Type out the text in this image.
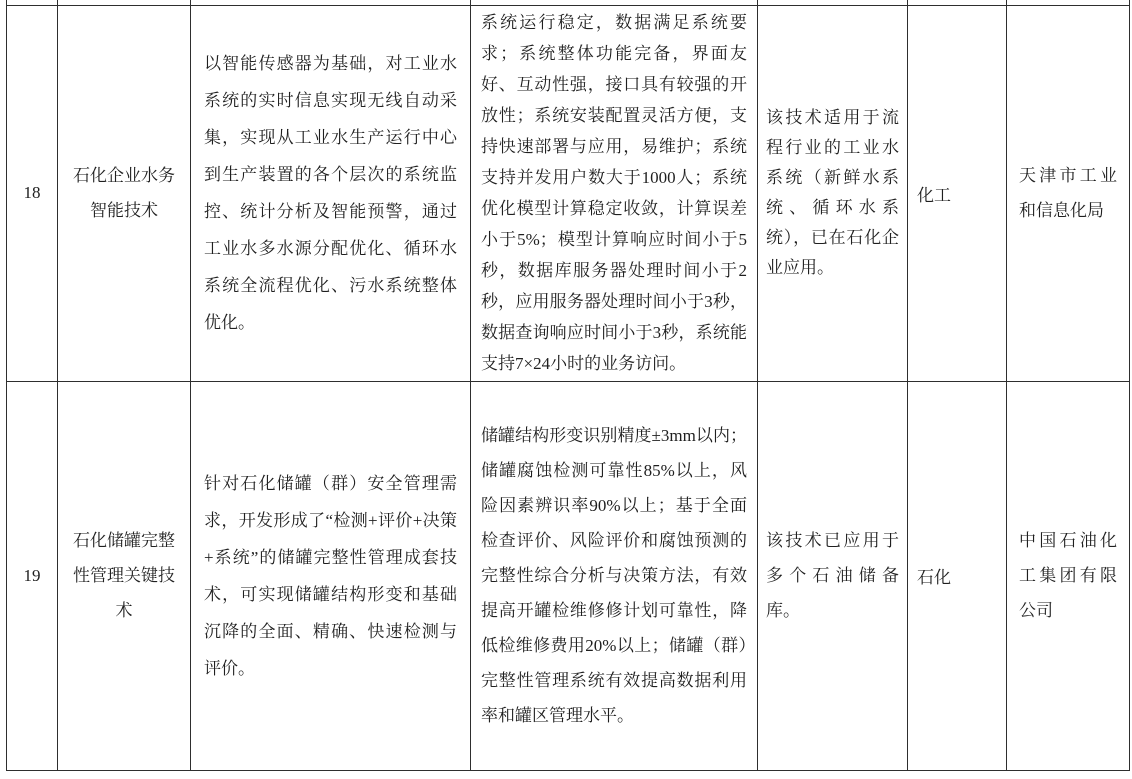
18	石化企业水务智能技术	以智能传感器为基础，对工业水系统的实时信息实现无线自动采集，实现从工业水生产运行中心到生产装置的各个层次的系统监控、统计分析及智能预警，通过工业水多水源分配优化、循环水系统全流程优化、污水系统整体优化。	系统运行稳定，数据满足系统要求；系统整体功能完备，界面友好、互动性强，接口具有较强的开放性；系统安装配置灵活方便，支持快速部署与应用，易维护；系统支持并发用户数大于1000人；系统优化模型计算稳定收敛，计算误差小于5%；模型计算响应时间小于5秒，数据库服务器处理时间小于2秒，应用服务器处理时间小于3秒，数据查询响应时间小于3秒，系统能支持7×24小时的业务访问。	该技术适用于流程行业的工业水系统（新鲜水系统、循环水系统），已在石化企业应用。	化工	天津市工业和信息化局
19	石化储罐完整性管理关键技术	针对石化储罐（群）安全管理需求，开发形成了“检测+评价+决策+系统”的储罐完整性管理成套技术，可实现储罐结构形变和基础沉降的全面、精确、快速检测与评价。	储罐结构形变识别精度±3mm以内；储罐腐蚀检测可靠性85%以上，风险因素辨识率90%以上；基于全面检查评价、风险评价和腐蚀预测的完整性综合分析与决策方法，有效提高开罐检维修修计划可靠性，降低检维修费用20%以上；储罐（群）完整性管理系统有效提高数据利用率和罐区管理水平。	该技术已应用于多个石油储备库。	石化	中国石油化工集团有限公司
